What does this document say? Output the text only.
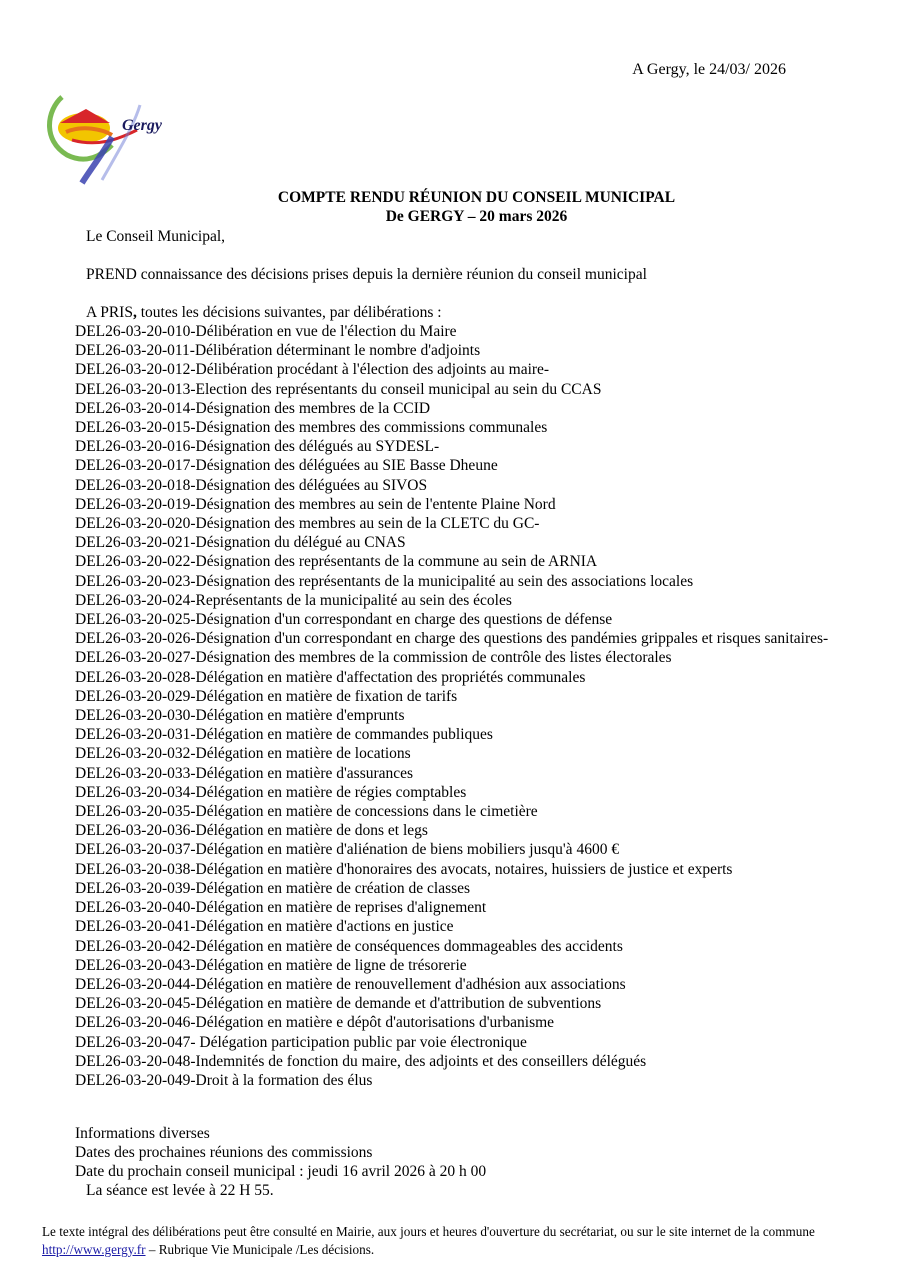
A Gergy, le 24/03/ 2026
Gergy
COMPTE RENDU RÉUNION DU CONSEIL MUNICIPAL
De GERGY – 20 mars 2026
Le Conseil Municipal,
PREND connaissance des décisions prises depuis la dernière réunion du conseil municipal
A PRIS, toutes les décisions suivantes, par délibérations :
DEL26-03-20-010-Délibération en vue de l'élection du Maire
DEL26-03-20-011-Délibération déterminant le nombre d'adjoints
DEL26-03-20-012-Délibération procédant à l'élection des adjoints au maire-
DEL26-03-20-013-Election des représentants du conseil municipal au sein du CCAS
DEL26-03-20-014-Désignation des membres de la CCID
DEL26-03-20-015-Désignation des membres des commissions communales
DEL26-03-20-016-Désignation des délégués au SYDESL-
DEL26-03-20-017-Désignation des déléguées au SIE Basse Dheune
DEL26-03-20-018-Désignation des déléguées au SIVOS
DEL26-03-20-019-Désignation des membres au sein de l'entente Plaine Nord
DEL26-03-20-020-Désignation des membres au sein de la CLETC du GC-
DEL26-03-20-021-Désignation du délégué au CNAS
DEL26-03-20-022-Désignation des représentants de la commune au sein de ARNIA
DEL26-03-20-023-Désignation des représentants de la municipalité au sein des associations locales
DEL26-03-20-024-Représentants de la municipalité au sein des écoles
DEL26-03-20-025-Désignation d'un correspondant en charge des questions de défense
DEL26-03-20-026-Désignation d'un correspondant en charge des questions des pandémies grippales et risques sanitaires-
DEL26-03-20-027-Désignation des membres de la commission de contrôle des listes électorales
DEL26-03-20-028-Délégation en matière d'affectation des propriétés communales
DEL26-03-20-029-Délégation en matière de fixation de tarifs
DEL26-03-20-030-Délégation en matière d'emprunts
DEL26-03-20-031-Délégation en matière de commandes publiques
DEL26-03-20-032-Délégation en matière de locations
DEL26-03-20-033-Délégation en matière d'assurances
DEL26-03-20-034-Délégation en matière de régies comptables
DEL26-03-20-035-Délégation en matière de concessions dans le cimetière
DEL26-03-20-036-Délégation en matière de dons et legs
DEL26-03-20-037-Délégation en matière d'aliénation de biens mobiliers jusqu'à 4600 €
DEL26-03-20-038-Délégation en matière d'honoraires des avocats, notaires, huissiers de justice et experts
DEL26-03-20-039-Délégation en matière de création de classes
DEL26-03-20-040-Délégation en matière de reprises d'alignement
DEL26-03-20-041-Délégation en matière d'actions en justice
DEL26-03-20-042-Délégation en matière de conséquences dommageables des accidents
DEL26-03-20-043-Délégation en matière de ligne de trésorerie
DEL26-03-20-044-Délégation en matière de renouvellement d'adhésion aux associations
DEL26-03-20-045-Délégation en matière de demande et d'attribution de subventions
DEL26-03-20-046-Délégation en matière e dépôt d'autorisations d'urbanisme
DEL26-03-20-047- Délégation participation public par voie électronique
DEL26-03-20-048-Indemnités de fonction du maire, des adjoints et des conseillers délégués
DEL26-03-20-049-Droit à la formation des élus
Informations diverses
Dates des prochaines réunions des commissions
Date du prochain conseil municipal : jeudi 16 avril 2026 à 20 h 00
La séance est levée à 22 H 55.
Le texte intégral des délibérations peut être consulté en Mairie, aux jours et heures d'ouverture du secrétariat, ou sur le site internet de la commune http://www.gergy.fr – Rubrique Vie Municipale /Les décisions.
